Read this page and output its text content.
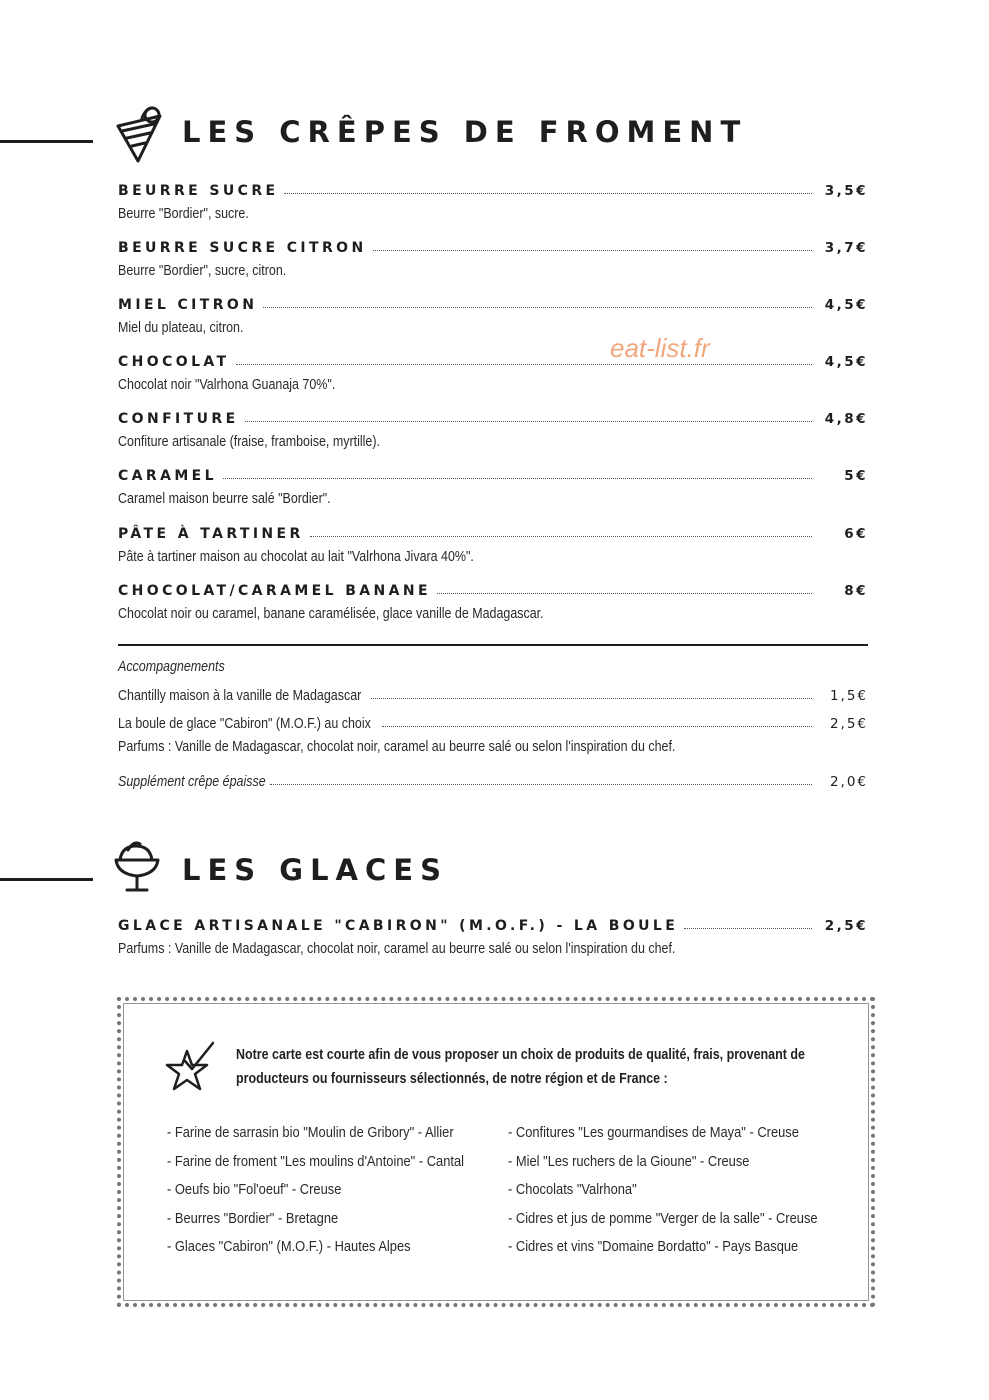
LES CRÊPES DE FROMENT
eat-list.fr
BEURRE SUCRE	3,5€
Beurre "Bordier", sucre.
BEURRE SUCRE CITRON	3,7€
Beurre "Bordier", sucre, citron.
MIEL CITRON	4,5€
Miel du plateau, citron.
CHOCOLAT	4,5€
Chocolat noir "Valrhona Guanaja 70%".
CONFITURE	4,8€
Confiture artisanale (fraise, framboise, myrtille).
CARAMEL	5€
Caramel maison beurre salé "Bordier".
PÂTE À TARTINER	6€
Pâte à tartiner maison au chocolat au lait "Valrhona Jivara 40%".
CHOCOLAT/CARAMEL BANANE	8€
Chocolat noir ou caramel, banane caramélisée, glace vanille de Madagascar.
Accompagnements
Chantilly maison à la vanille de Madagascar	1,5€
La boule de glace "Cabiron" (M.O.F.) au choix	2,5€
Parfums : Vanille de Madagascar, chocolat noir, caramel au beurre salé ou selon l'inspiration du chef.
Supplément crêpe épaisse	2,0€
LES GLACES
GLACE ARTISANALE "CABIRON" (M.O.F.) - LA BOULE	2,5€
Parfums : Vanille de Madagascar, chocolat noir, caramel au beurre salé ou selon l'inspiration du chef.
Notre carte est courte afin de vous proposer un choix de produits de qualité, frais, provenant de
producteurs ou fournisseurs sélectionnés, de notre région et de France :
- Farine de sarrasin bio "Moulin de Gribory" - Allier
- Farine de froment "Les moulins d'Antoine" - Cantal
- Oeufs bio "Fol'oeuf" - Creuse
- Beurres "Bordier" - Bretagne
- Glaces "Cabiron" (M.O.F.) - Hautes Alpes
- Confitures "Les gourmandises de Maya" - Creuse
- Miel "Les ruchers de la Gioune" - Creuse
- Chocolats "Valrhona"
- Cidres et jus de pomme "Verger de la salle" - Creuse
- Cidres et vins "Domaine Bordatto" - Pays Basque
